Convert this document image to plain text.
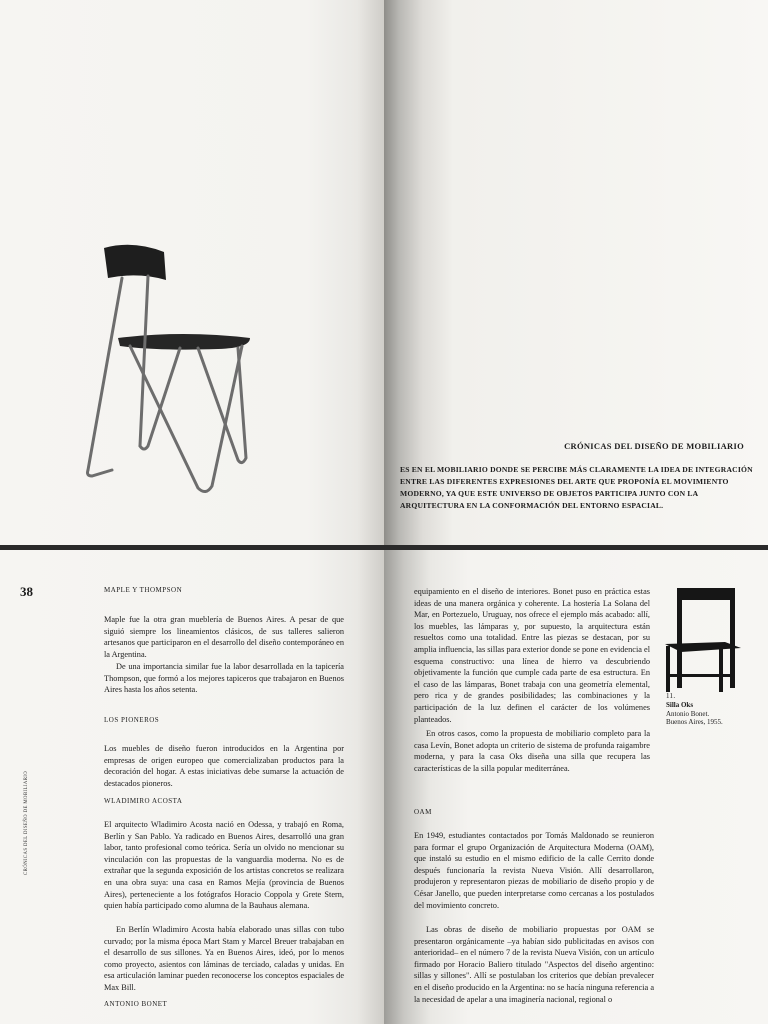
CRÓNICAS DEL DISEÑO DE MOBILIARIO

ES EN EL MOBILIARIO DONDE SE PERCIBE MÁS CLARAMENTE LA IDEA DE INTEGRACIÓN ENTRE LAS DIFERENTES EXPRESIONES DEL ARTE QUE PROPONÍA EL MOVIMIENTO MODERNO, YA QUE ESTE UNIVERSO DE OBJETOS PARTICIPA JUNTO CON LA ARQUITECTURA EN LA CONFORMACIÓN DEL ENTORNO ESPACIAL.

38
CRÓNICAS DEL DISEÑO DE MOBILIARIO

MAPLE Y THOMPSON

Maple fue la otra gran mueblería de Buenos Aires. A pesar de que siguió siempre los lineamientos clásicos, de sus talleres salieron artesanos que participaron en el desarrollo del diseño contemporáneo en la Argentina.

De una importancia similar fue la labor desarrollada en la tapicería Thompson, que formó a los mejores tapiceros que trabajaron en Buenos Aires hasta los años setenta.

LOS PIONEROS

Los muebles de diseño fueron introducidos en la Argentina por empresas de origen europeo que comercializaban productos para la decoración del hogar. A estas iniciativas debe sumarse la actuación de destacados pioneros.

WLADIMIRO ACOSTA

El arquitecto Wladimiro Acosta nació en Odessa, y trabajó en Roma, Berlín y San Pablo. Ya radicado en Buenos Aires, desarrolló una gran labor, tanto profesional como teórica. Sería un olvido no mencionar su vinculación con las propuestas de la vanguardia moderna. No es de extrañar que la segunda exposición de los artistas concretos se realizara en una obra suya: una casa en Ramos Mejía (provincia de Buenos Aires), perteneciente a los fotógrafos Horacio Coppola y Grete Stern, quien había participado como alumna de la Bauhaus alemana.

En Berlín Wladimiro Acosta había elaborado unas sillas con tubo curvado; por la misma época Mart Stam y Marcel Breuer trabajaban en el desarrollo de sus sillones. Ya en Buenos Aires, ideó, por lo menos como proyecto, asientos con láminas de terciado, caladas y unidas. En esa articulación laminar pueden reconocerse los conceptos espaciales de Max Bill.

ANTONIO BONET

equipamiento en el diseño de interiores. Bonet puso en práctica estas ideas de una manera orgánica y coherente. La hostería La Solana del Mar, en Portezuelo, Uruguay, nos ofrece el ejemplo más acabado: allí, los muebles, las lámparas y, por supuesto, la arquitectura están resueltos como una totalidad. Entre las piezas se destacan, por su amplia influencia, las sillas para exterior donde se pone en evidencia el esquema constructivo: una línea de hierro va descubriendo objetivamente la función que cumple cada parte de esa estructura. En el caso de las lámparas, Bonet trabaja con una geometría elemental, pero rica y de grandes posibilidades; las combinaciones y la participación de la luz definen el carácter de los volúmenes planteados.

En otros casos, como la propuesta de mobiliario completo para la casa Levín, Bonet adopta un criterio de sistema de profunda raigambre moderna, y para la casa Oks diseña una silla que recupera las características de la silla popular mediterránea.

En 1949, estudiantes contactados por Tomás Maldonado se reunieron para formar el grupo Organización de Arquitectura Moderna (OAM), que instaló su estudio en el mismo edificio de la calle Cerrito donde después funcionaría la revista Nueva Visión. Allí desarrollaron, produjeron y representaron piezas de mobiliario de diseño propio y de César Janello, que pueden interpretarse como cercanas a los postulados del movimiento concreto.

Las obras de diseño de mobiliario propuestas por OAM se presentaron orgánicamente –ya habían sido publicitadas en avisos con anterioridad– en el número 7 de la revista Nueva Visión, con un artículo firmado por Horacio Baliero titulado "Aspectos del diseño argentino: sillas y sillones". Allí se postulaban los criterios que debían prevalecer en el diseño producido en la Argentina: no se hacía ninguna referencia a la necesidad de apelar a una imaginería nacional, regional o

OAM

11.
Silla Oks
Antonio Bonet.
Buenos Aires, 1955.
